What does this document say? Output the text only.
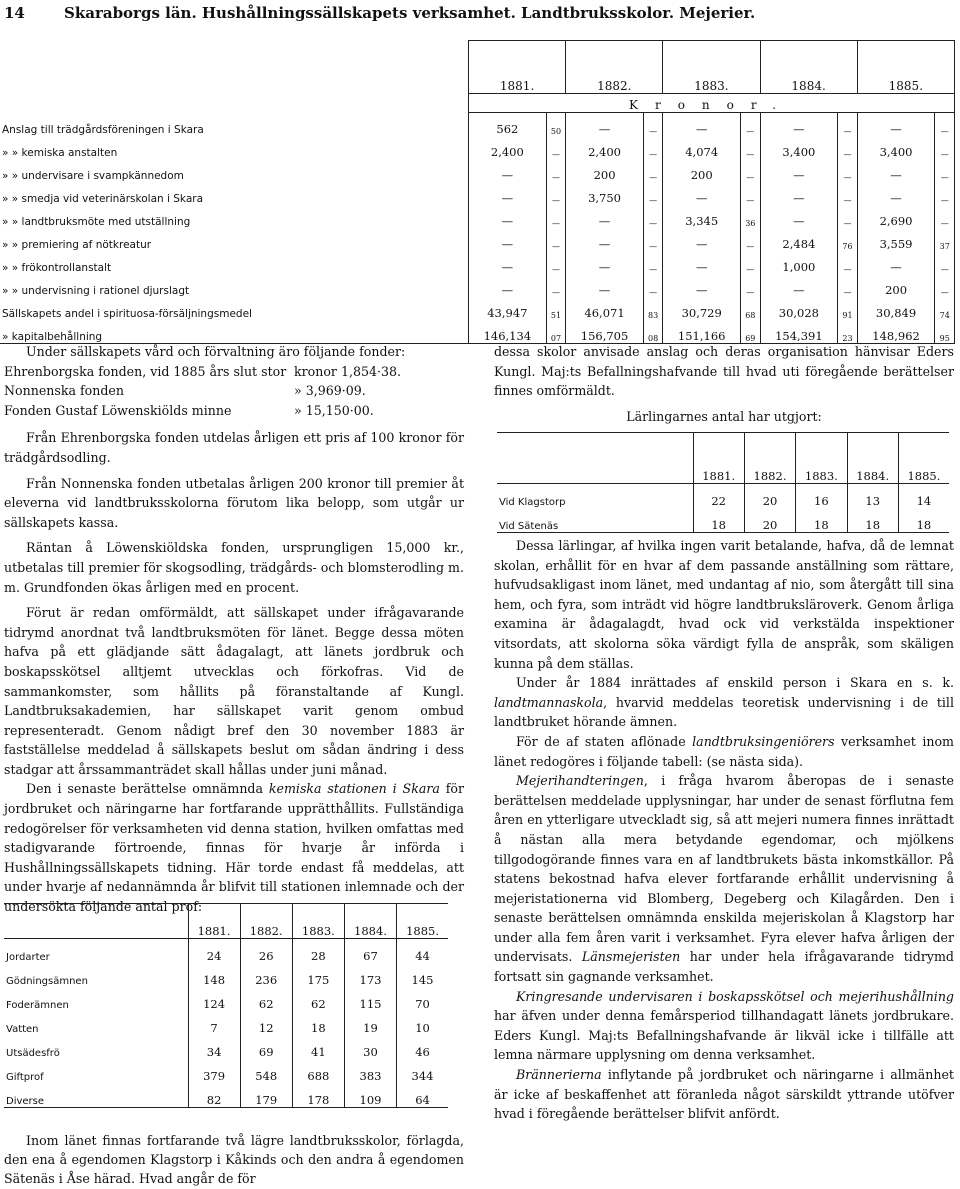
14	Skaraborgs län. Hushållningssällskapets verksamhet. Landtbruksskolor. Mejerier.
	1881.		1882.		1883.		1884.		1885.	
	Kronor.									
Anslag till trädgårdsföreningen i Skara	562	50	—	—	—	—	—	—	—	—
» » kemiska anstalten	2,400	—	2,400	—	4,074	—	3,400	—	3,400	—
» » undervisare i svampkännedom	—	—	200	—	200	—	—	—	—	—
» » smedja vid veterinärskolan i Skara	—	—	3,750	—	—	—	—	—	—	—
» » landtbruksmöte med utställning	—	—	—	—	3,345	36	—	—	2,690	—
» » premiering af nötkreatur	—	—	—	—	—	—	2,484	76	3,559	37
» » frökontrollanstalt	—	—	—	—	—	—	1,000	—	—	—
» » undervisning i rationel djurslagt	—	—	—	—	—	—	—	—	200	—
Sällskapets andel i spirituosa-försäljningsmedel	43,947	51	46,071	83	30,729	68	30,028	91	30,849	74
» kapitalbehållning	146,134	07	156,705	08	151,166	69	154,391	23	148,962	95

Under sällskapets vård och förvaltning äro följande fonder:

Ehrenborgska fonden, vid 1885 års slut stor kronor 1,854·38.
Nonnenska fonden	» 3,969·09.
Fonden Gustaf Löwenskiölds minne	» 15,150·00.

Från Ehrenborgska fonden utdelas årligen ett pris af 100 kronor för trädgårdsodling.

Från Nonnenska fonden utbetalas årligen 200 kronor till premier åt eleverna vid landtbruksskolorna förutom lika belopp, som utgår ur sällskapets kassa.

Räntan å Löwenskiöldska fonden, ursprungligen 15,000 kr., utbetalas till premier för skogsodling, trädgårds- och blomsterodling m. m. Grundfonden ökas årligen med en procent.

Förut är redan omförmäldt, att sällskapet under ifrågavarande tidrymd anordnat två landtbruksmöten för länet. Begge dessa möten hafva på ett glädjande sätt ådagalagt, att länets jordbruk och boskapsskötsel alltjemt utvecklas och förkofras. Vid de sammankomster, som hållits på föranstaltande af Kungl. Landtbruksakademien, har sällskapet varit genom ombud representeradt. Genom nådigt bref den 30 november 1883 är fastställelse meddelad å sällskapets beslut om sådan ändring i dess stadgar att årssammanträdet skall hållas under juni månad.

Den i senaste berättelse omnämnda kemiska stationen i Skara för jordbruket och näringarne har fortfarande upprätthållits. Fullständiga redogörelser för verksamheten vid denna station, hvilken omfattas med stadigvarande förtroende, finnas för hvarje år införda i Hushållningssällskapets tidning. Här torde endast få meddelas, att under hvarje af nedannämnda år blifvit till stationen inlemnade och der undersökta följande antal prof:

	1881.	1882.	1883.	1884.	1885.
Jordarter	24	26	28	67	44
Gödningsämnen	148	236	175	173	145
Foderämnen	124	62	62	115	70
Vatten	7	12	18	19	10
Utsädesfrö	34	69	41	30	46
Giftprof	379	548	688	383	344
Diverse	82	179	178	109	64

Inom länet finnas fortfarande två lägre landtbruksskolor, förlagda, den ena å egendomen Klagstorp i Kåkinds och den andra å egendomen Sätenäs i Åse härad. Hvad angår de för

dessa skolor anvisade anslag och deras organisation hänvisar Eders Kungl. Maj:ts Befallningshafvande till hvad uti föregående berättelser finnes omförmäldt.

Lärlingarnes antal har utgjort:

	1881.	1882.	1883.	1884.	1885.
Vid Klagstorp	22	20	16	13	14
Vid Sätenäs	18	20	18	18	18

Dessa lärlingar, af hvilka ingen varit betalande, hafva, då de lemnat skolan, erhållit för en hvar af dem passande anställning som rättare, hufvudsakligast inom länet, med undantag af nio, som återgått till sina hem, och fyra, som inträdt vid högre landtbruksläroverk. Genom årliga examina är ådagalagdt, hvad ock vid verkstälda inspektioner vitsordats, att skolorna söka värdigt fylla de anspråk, som skäligen kunna på dem ställas.

Under år 1884 inrättades af enskild person i Skara en s. k. landtmannaskola, hvarvid meddelas teoretisk undervisning i de till landtbruket hörande ämnen.

För de af staten aflönade landtbruksingeniörers verksamhet inom länet redogöres i följande tabell: (se nästa sida).

Mejerihandteringen, i fråga hvarom åberopas de i senaste berättelsen meddelade upplysningar, har under de senast förflutna fem åren en ytterligare utveckladt sig, så att mejeri numera finnes inrättadt å nästan alla mera betydande egendomar, och mjölkens tillgodogörande finnes vara en af landtbrukets bästa inkomstkällor. På statens bekostnad hafva elever fortfarande erhållit undervisning å mejeristationerna vid Blomberg, Degeberg och Kilagården. Den i senaste berättelsen omnämnda enskilda mejeriskolan å Klagstorp har under alla fem åren varit i verksamhet. Fyra elever hafva årligen der undervisats. Länsmejeristen har under hela ifrågavarande tidrymd fortsatt sin gagnande verksamhet.

Kringresande undervisaren i boskapsskötsel och mejerihushållning har äfven under denna femårsperiod tillhandagatt länets jordbrukare. Eders Kungl. Maj:ts Befallningshafvande är likväl icke i tillfälle att lemna närmare upplysning om denna verksamhet.

Brännerierna inflytande på jordbruket och näringarne i allmänhet är icke af beskaffenhet att föranleda något särskildt yttrande utöfver hvad i föregående berättelser blifvit anfördt.
